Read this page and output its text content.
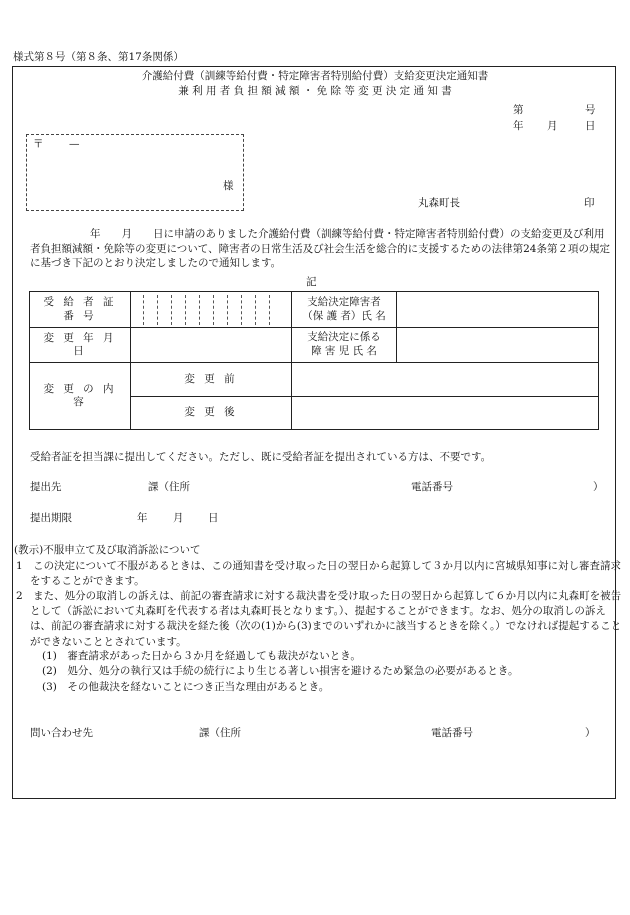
様式第８号（第８条、第17条関係）
介護給付費（訓練等給付費・特定障害者特別給付費）支給変更決定通知書
兼 利 用 者 負 担 額 減 額 ・ 免 除 等 変 更 決 定 通 知 書
第	号
年 月	日
〒 —
様
丸森町長	印
年　　月　　日に申請のありました介護給付費（訓練等給付費・特定障害者特別給付費）の支給変更及び利用者負担額減額・免除等の変更について、障害者の日常生活及び社会生活を総合的に支援するための法律第24条第２項の規定に基づき下記のとおり決定しましたので通知します。
記
受 給 者 証 番 号		支給決定障害者
（保 護 者）氏 名	

変 更 年 月 日		支給決定に係る
障 害 児 氏 名	

変 更 の 内 容	変 更 前		
	変 更 後		
受給者証を担当課に提出してください。ただし、既に受給者証を提出されている方は、不要です。
提出先	課（住所	電話番号	）
提出期限	年 月 日
(教示)不服申立て及び取消訴訟について
1　この決定について不服があるときは、この通知書を受け取った日の翌日から起算して３か月以内に宮城県知事に対し審査請求をすることができます。
2　また、処分の取消しの訴えは、前記の審査請求に対する裁決書を受け取った日の翌日から起算して６か月以内に丸森町を被告として（訴訟において丸森町を代表する者は丸森町長となります。）、提起することができます。なお、処分の取消しの訴えは、前記の審査請求に対する裁決を経た後（次の(1)から(3)までのいずれかに該当するときを除く。）でなければ提起することができないこととされています。
(1)　審査請求があった日から３か月を経過しても裁決がないとき。
(2)　処分、処分の執行又は手続の続行により生じる著しい損害を避けるため緊急の必要があるとき。
(3)　その他裁決を経ないことにつき正当な理由があるとき。
問い合わせ先	課（住所	電話番号	）
